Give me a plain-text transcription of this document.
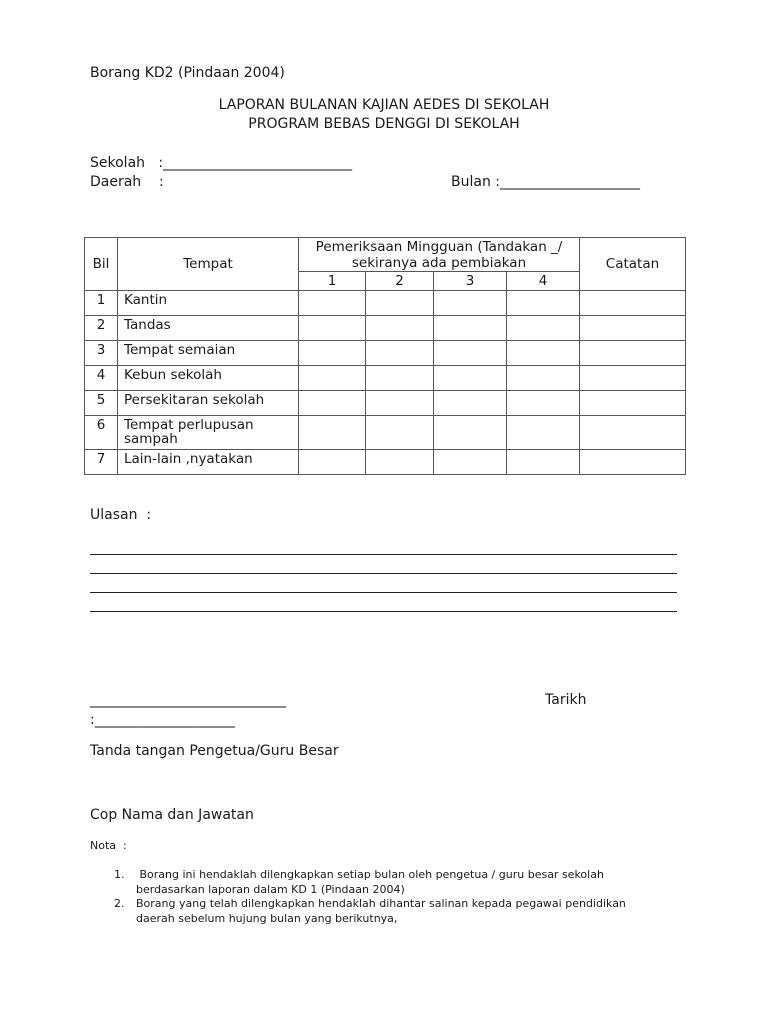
Borang KD2 (Pindaan 2004)
LAPORAN BULANAN KAJIAN AEDES DI SEKOLAH
PROGRAM BEBAS DENGGI DI SEKOLAH
Sekolah   :___________________________
Daerah    :	Bulan :____________________
Bil	Tempat	Pemeriksaan Mingguan (Tandakan _/
sekiranya ada pembiakan				Catatan
		1	2	3	4	
1	Kantin					
2	Tandas					
3	Tempat semaian					
4	Kebun sekolah					
5	Persekitaran sekolah					
6	Tempat perlupusan
sampah					
7	Lain-lain ,nyatakan					
Ulasan  :
____________________________	Tarikh
:____________________
Tanda tangan Pengetua/Guru Besar
Cop Nama dan Jawatan
Nota  :
1.	Borang ini hendaklah dilengkapkan setiap bulan oleh pengetua / guru besar sekolah
berdasarkan laporan dalam KD 1 (Pindaan 2004)
2. Borang yang telah dilengkapkan hendaklah dihantar salinan kepada pegawai pendidikan
daerah sebelum hujung bulan yang berikutnya,
